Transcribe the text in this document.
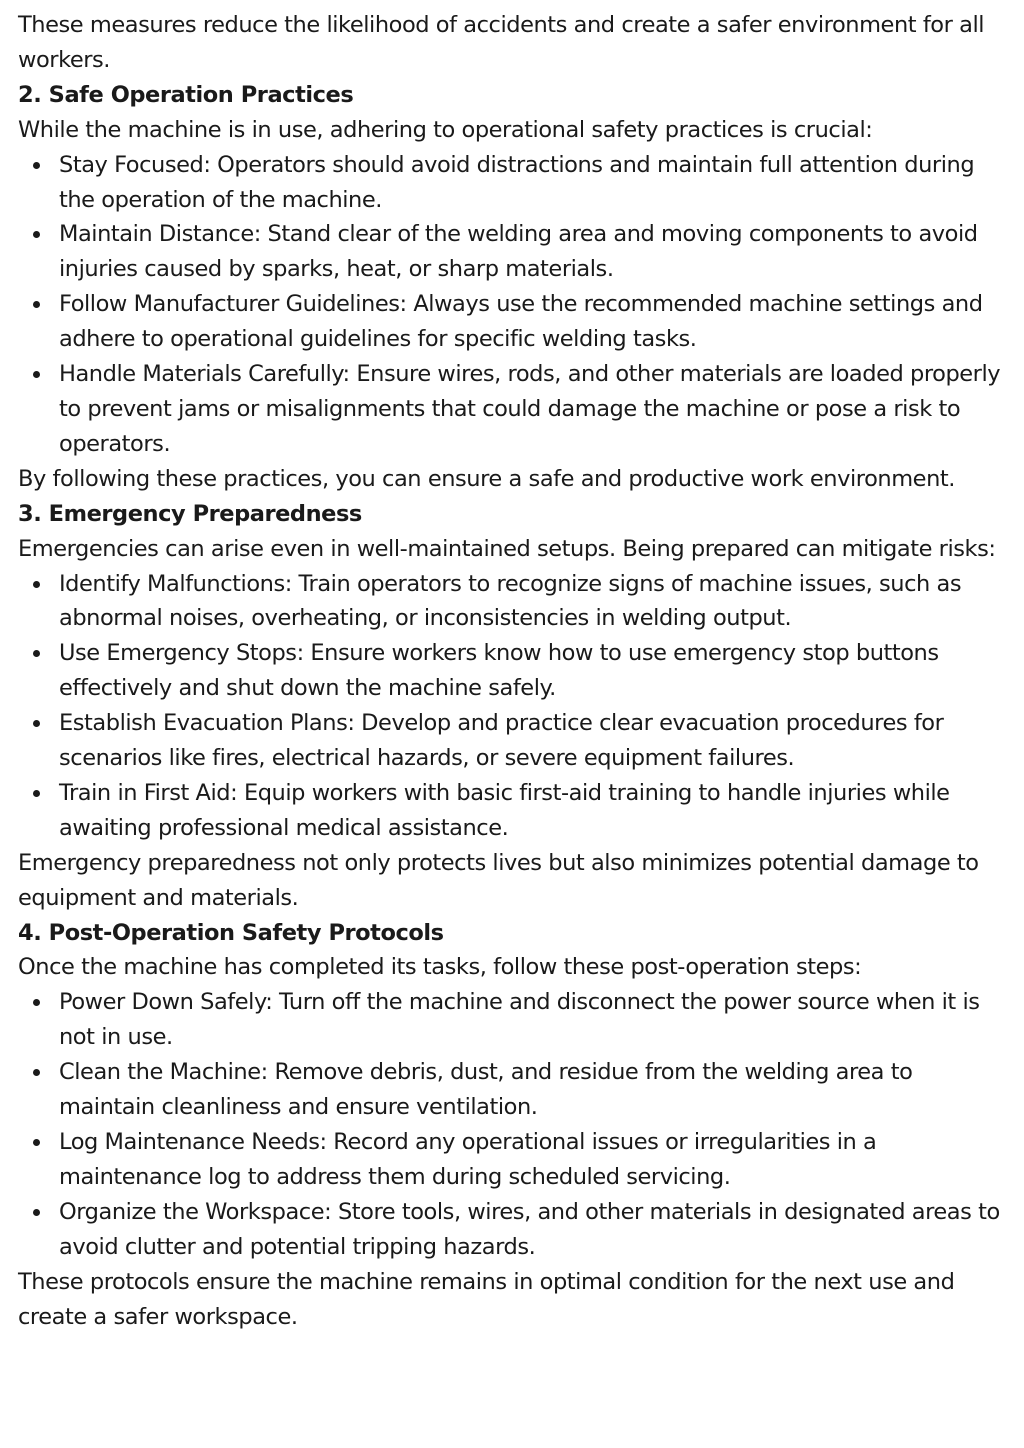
These measures reduce the likelihood of accidents and create a safer environment for all workers.

2. Safe Operation Practices

While the machine is in use, adhering to operational safety practices is crucial:

Stay Focused: Operators should avoid distractions and maintain full attention during the operation of the machine.
Maintain Distance: Stand clear of the welding area and moving components to avoid injuries caused by sparks, heat, or sharp materials.
Follow Manufacturer Guidelines: Always use the recommended machine settings and adhere to operational guidelines for specific welding tasks.
Handle Materials Carefully: Ensure wires, rods, and other materials are loaded properly to prevent jams or misalignments that could damage the machine or pose a risk to operators.

By following these practices, you can ensure a safe and productive work environment.

3. Emergency Preparedness

Emergencies can arise even in well-maintained setups. Being prepared can mitigate risks:

Identify Malfunctions: Train operators to recognize signs of machine issues, such as abnormal noises, overheating, or inconsistencies in welding output.
Use Emergency Stops: Ensure workers know how to use emergency stop buttons effectively and shut down the machine safely.
Establish Evacuation Plans: Develop and practice clear evacuation procedures for scenarios like fires, electrical hazards, or severe equipment failures.
Train in First Aid: Equip workers with basic first-aid training to handle injuries while awaiting professional medical assistance.

Emergency preparedness not only protects lives but also minimizes potential damage to equipment and materials.

4. Post-Operation Safety Protocols

Once the machine has completed its tasks, follow these post-operation steps:

Power Down Safely: Turn off the machine and disconnect the power source when it is not in use.
Clean the Machine: Remove debris, dust, and residue from the welding area to maintain cleanliness and ensure ventilation.
Log Maintenance Needs: Record any operational issues or irregularities in a maintenance log to address them during scheduled servicing.
Organize the Workspace: Store tools, wires, and other materials in designated areas to avoid clutter and potential tripping hazards.

These protocols ensure the machine remains in optimal condition for the next use and create a safer workspace.
